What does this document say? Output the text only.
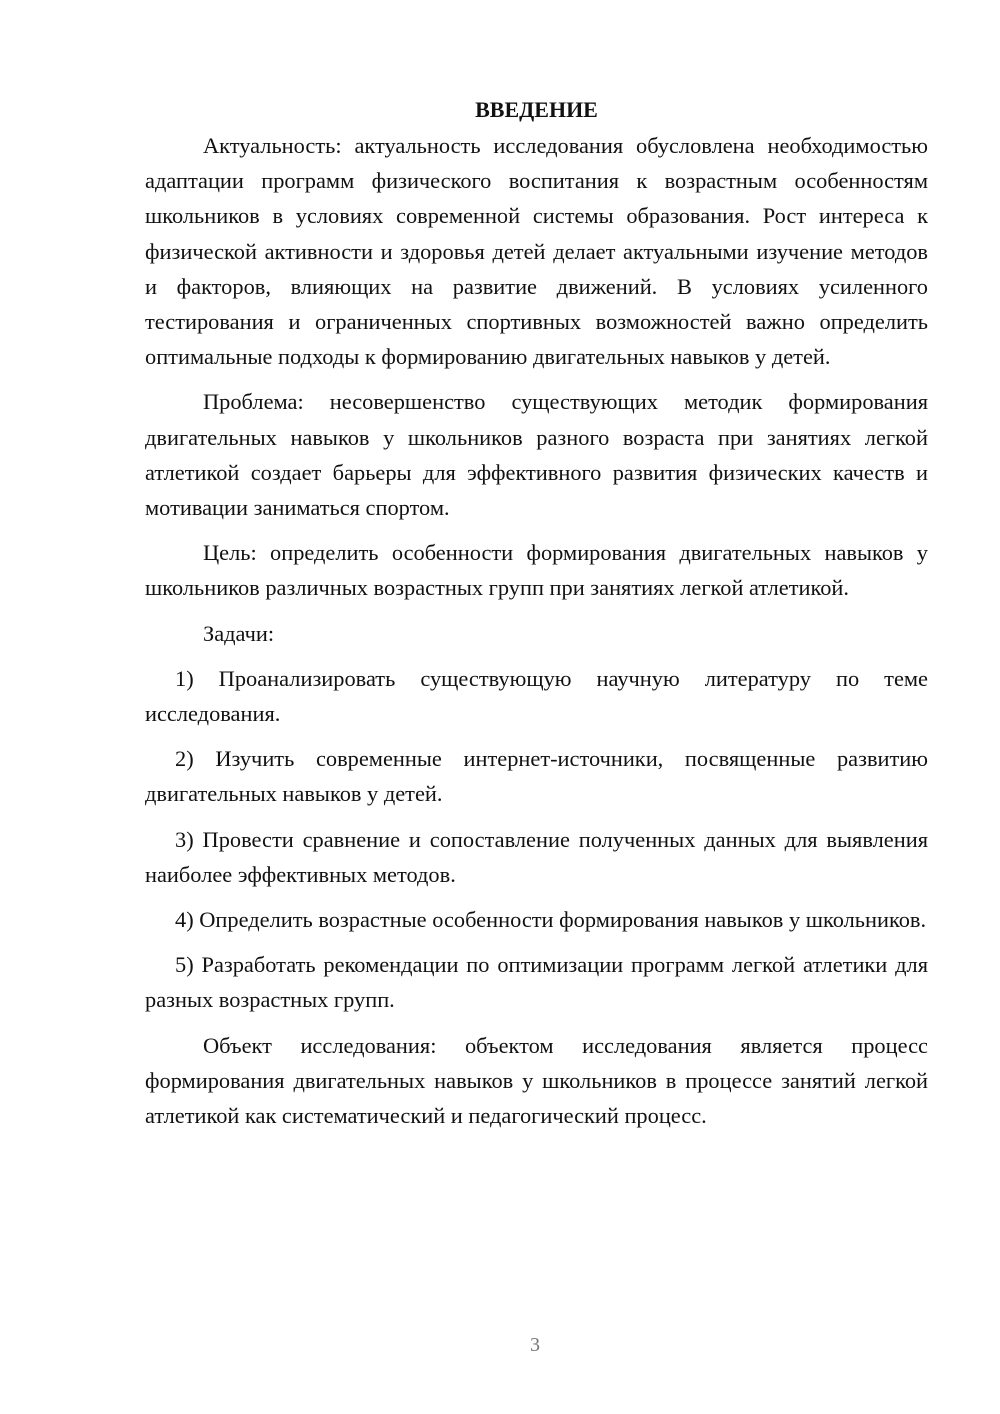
ВВЕДЕНИЕ

Актуальность: актуальность исследования обусловлена необходимостью адаптации программ физического воспитания к возрастным особенностям школьников в условиях современной системы образования. Рост интереса к физической активности и здоровья детей делает актуальными изучение методов и факторов, влияющих на развитие движений. В условиях усиленного тестирования и ограниченных спортивных возможностей важно определить оптимальные подходы к формированию двигательных навыков у детей.

Проблема: несовершенство существующих методик формирования двигательных навыков у школьников разного возраста при занятиях легкой атлетикой создает барьеры для эффективного развития физических качеств и мотивации заниматься спортом.

Цель: определить особенности формирования двигательных навыков у школьников различных возрастных групп при занятиях легкой атлетикой.

Задачи:

1) Проанализировать существующую научную литературу по теме исследования.

2) Изучить современные интернет-источники, посвященные развитию двигательных навыков у детей.

3) Провести сравнение и сопоставление полученных данных для выявления наиболее эффективных методов.

4) Определить возрастные особенности формирования навыков у школьников.

5) Разработать рекомендации по оптимизации программ легкой атлетики для разных возрастных групп.

Объект исследования: объектом исследования является процесс формирования двигательных навыков у школьников в процессе занятий легкой атлетикой как систематический и педагогический процесс.

3
